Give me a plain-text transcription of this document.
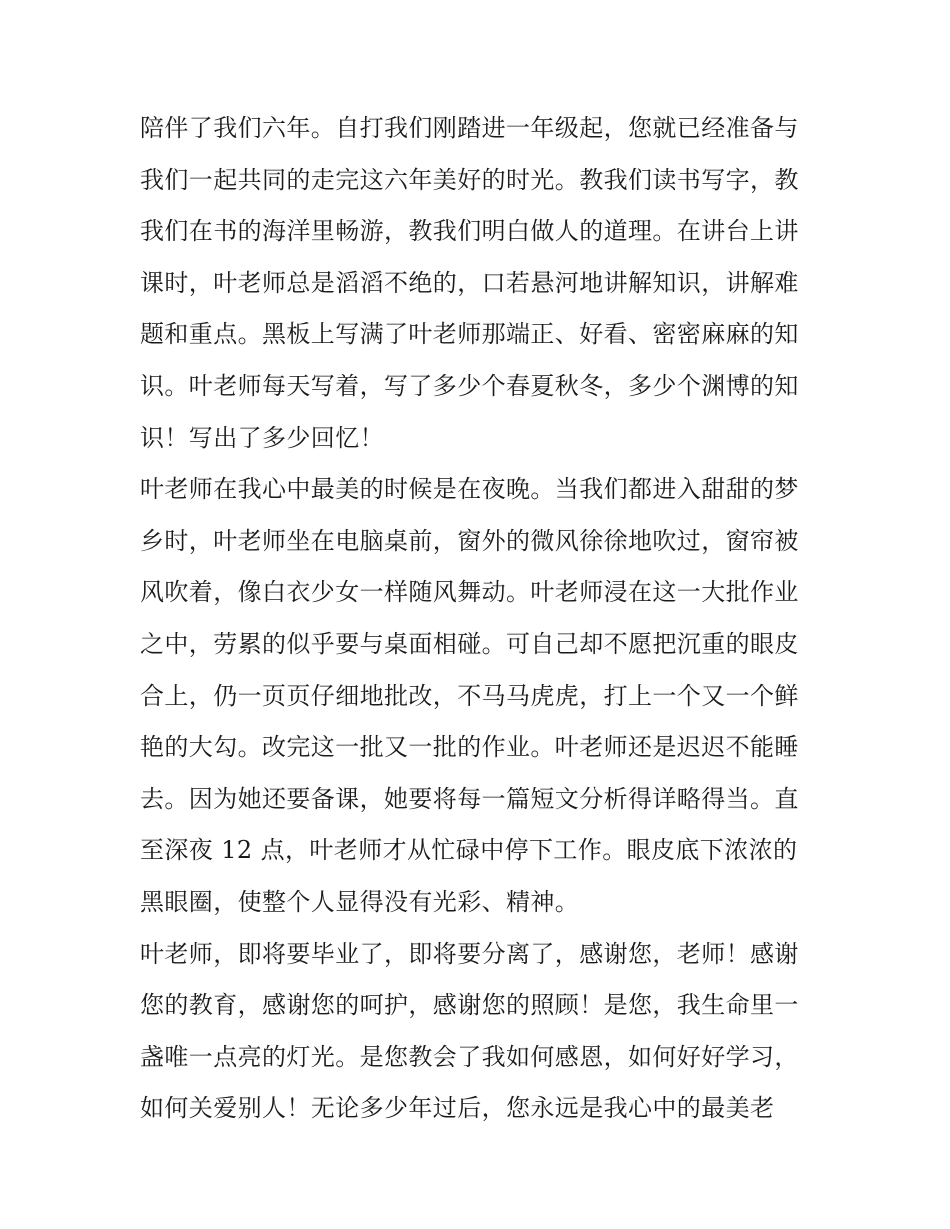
陪伴了我们六年。自打我们刚踏进一年级起，您就已经准备与
我们一起共同的走完这六年美好的时光。教我们读书写字，教
我们在书的海洋里畅游，教我们明白做人的道理。在讲台上讲
课时，叶老师总是滔滔不绝的，口若悬河地讲解知识，讲解难
题和重点。黑板上写满了叶老师那端正、好看、密密麻麻的知
识。叶老师每天写着，写了多少个春夏秋冬，多少个渊博的知
识！写出了多少回忆！
叶老师在我心中最美的时候是在夜晚。当我们都进入甜甜的梦
乡时，叶老师坐在电脑桌前，窗外的微风徐徐地吹过，窗帘被
风吹着，像白衣少女一样随风舞动。叶老师浸在这一大批作业
之中，劳累的似乎要与桌面相碰。可自己却不愿把沉重的眼皮
合上，仍一页页仔细地批改，不马马虎虎，打上一个又一个鲜
艳的大勾。改完这一批又一批的作业。叶老师还是迟迟不能睡
去。因为她还要备课，她要将每一篇短文分析得详略得当。直
至深夜 12 点，叶老师才从忙碌中停下工作。眼皮底下浓浓的
黑眼圈，使整个人显得没有光彩、精神。
叶老师，即将要毕业了，即将要分离了，感谢您，老师！感谢
您的教育，感谢您的呵护，感谢您的照顾！是您，我生命里一
盏唯一点亮的灯光。是您教会了我如何感恩，如何好好学习，
如何关爱别人！无论多少年过后，您永远是我心中的最美老
